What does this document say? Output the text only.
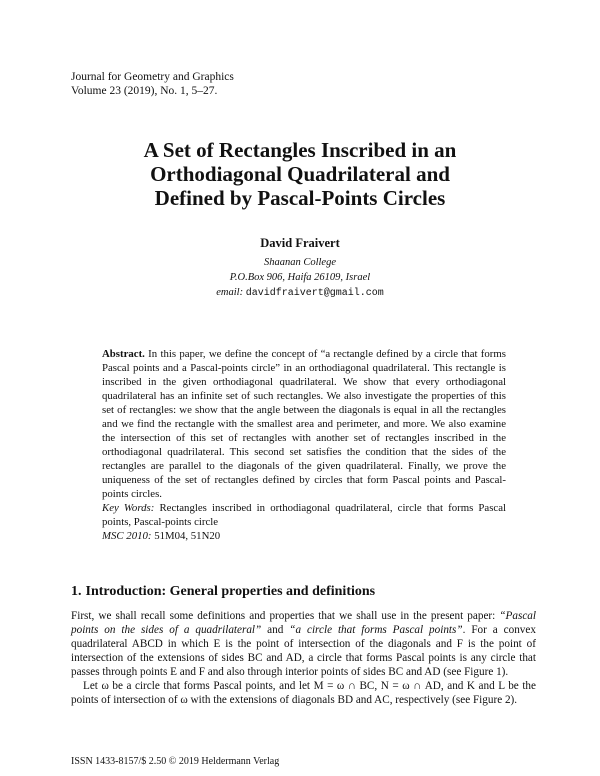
Journal for Geometry and Graphics
Volume 23 (2019), No. 1, 5–27.
A Set of Rectangles Inscribed in an
Orthodiagonal Quadrilateral and
Defined by Pascal-Points Circles
David Fraivert
Shaanan College
P.O.Box 906, Haifa 26109, Israel
email: davidfraivert@gmail.com

Abstract. In this paper, we define the concept of “a rectangle defined by a circle that forms Pascal points and a Pascal-points circle” in an orthodiagonal quadrilateral. This rectangle is inscribed in the given orthodiagonal quadrilateral. We show that every orthodiagonal quadrilateral has an infinite set of such rectangles. We also investigate the properties of this set of rectangles: we show that the angle between the diagonals is equal in all the rectangles and we find the rectangle with the smallest area and perimeter, and more. We also examine the intersection of this set of rectangles with another set of rectangles inscribed in the orthodiagonal quadrilateral. This second set satisfies the condition that the sides of the rectangles are parallel to the diagonals of the given quadrilateral. Finally, we prove the uniqueness of the set of rectangles defined by circles that form Pascal points and Pascal-points circles.

Key Words: Rectangles inscribed in orthodiagonal quadrilateral, circle that forms Pascal points, Pascal-points circle

MSC 2010: 51M04, 51N20

1. Introduction: General properties and definitions

First, we shall recall some definitions and properties that we shall use in the present paper: “Pascal points on the sides of a quadrilateral” and “a circle that forms Pascal points”. For a convex quadrilateral ABCD in which E is the point of intersection of the diagonals and F is the point of intersection of the extensions of sides BC and AD, a circle that forms Pascal points is any circle that passes through points E and F and also through interior points of sides BC and AD (see Figure 1).

Let ω be a circle that forms Pascal points, and let M = ω ∩ BC, N = ω ∩ AD, and K and L be the points of intersection of ω with the extensions of diagonals BD and AC, respectively (see Figure 2).

ISSN 1433-8157/$ 2.50 © 2019 Heldermann Verlag
